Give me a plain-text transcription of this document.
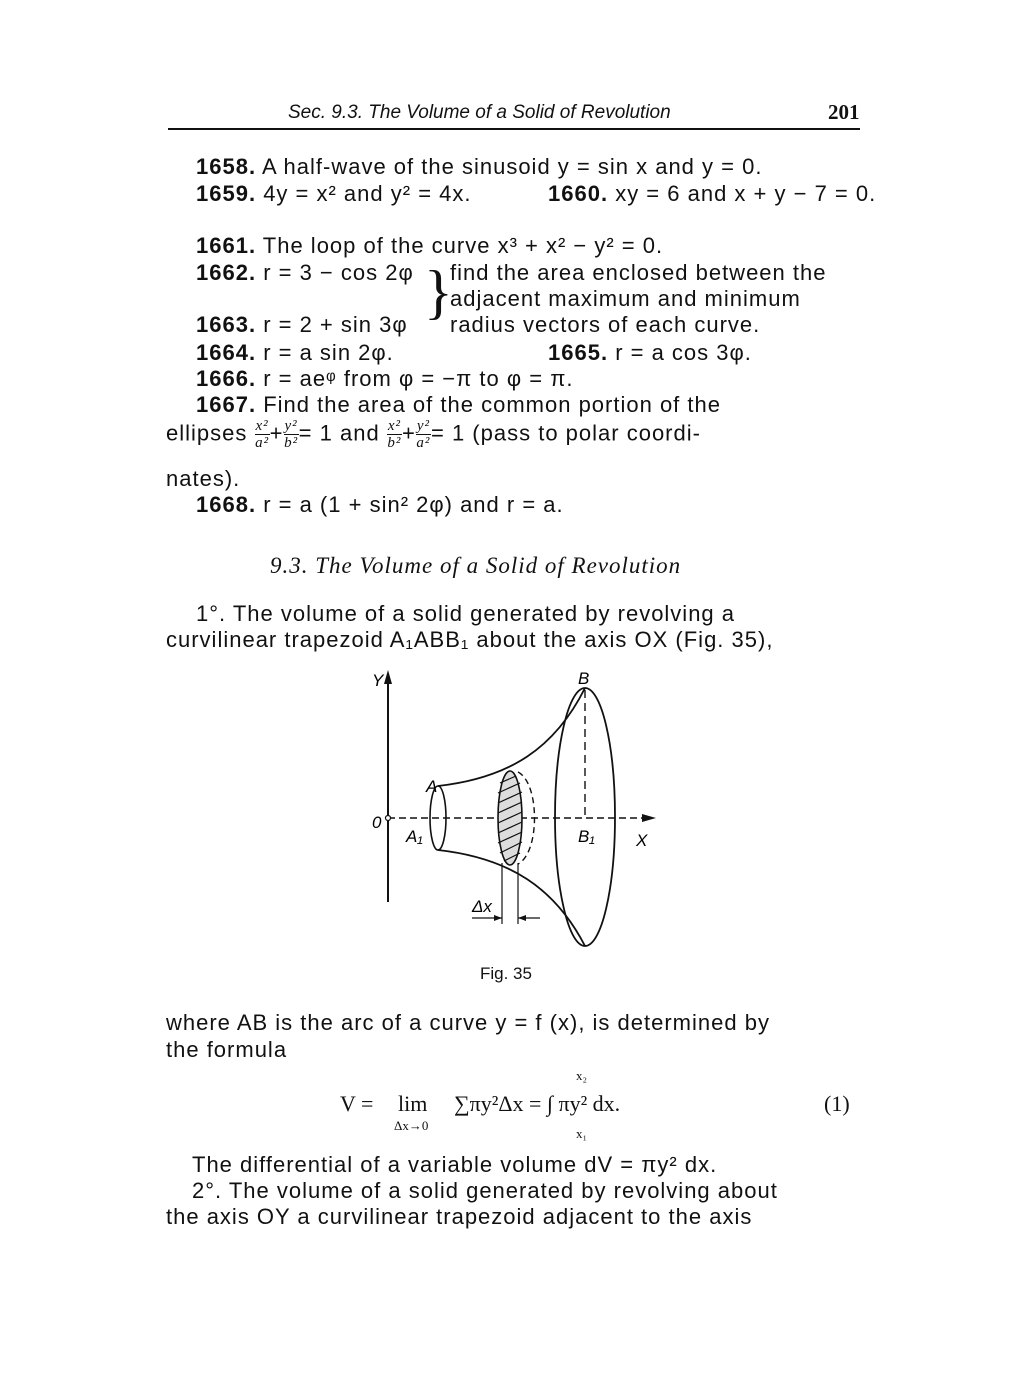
Sec. 9.3. The Volume of a Solid of Revolution	201
1658. A half-wave of the sinusoid y = sin x and y = 0.
1659. 4y = x² and y² = 4x.	1660. xy = 6 and x + y − 7 = 0.
1661. The loop of the curve x³ + x² − y² = 0.
1662. r = 3 − cos 2φ
1663. r = 2 + sin 3φ }
find the area enclosed between the
adjacent maximum and minimum
radius vectors of each curve.
1664. r = a sin 2φ.	1665. r = a cos 3φ.
1666. r = aeᵠ from φ = −π to φ = π.
1667. Find the area of the common portion of the
ellipses $\frac{\text{x²}}{\text{a²}} + \frac{\text{y²}}{\text{b²}} = 1$ and $\frac{\text{x²}}{\text{b²}} + \frac{\text{y²}}{\text{a²}} = 1$ (pass to polar coordi-
nates).
1668. r = a (1 + sin² 2φ) and r = a.
9.3. The Volume of a Solid of Revolution
1°. The volume of a solid generated by revolving a
curvilinear trapezoid A₁ABB₁ about the axis OX (Fig. 35),
Y	B
A
0
A₁	B₁ X
Δx
Fig. 35
where AB is the arc of a curve y = f (x), is determined by
the formula
V = lim
Δx→0
∑πy²Δx = ∫ πy² dx.
x₂
x₁
(1)
The differential of a variable volume dV = πy² dx.
2°. The volume of a solid generated by revolving about
the axis OY a curvilinear trapezoid adjacent to the axis
